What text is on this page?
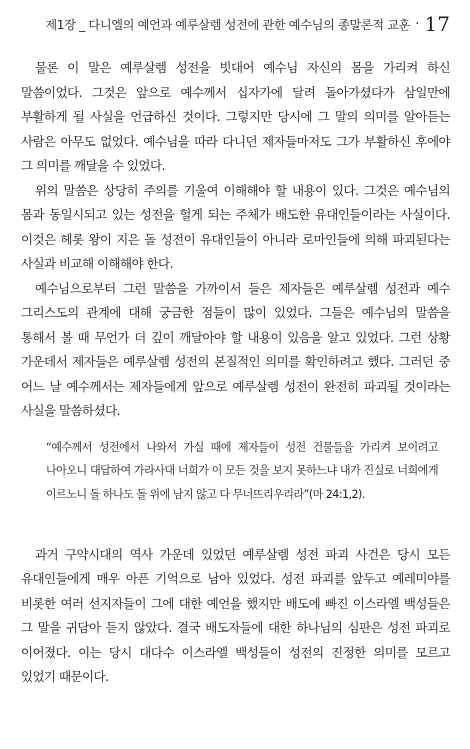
제1장 _ 다니엘의 예언과 예루살렘 성전에 관한 예수님의 종말론적 교훈 · 17

물론 이 말은 예루살렘 성전을 빗대어 예수님 자신의 몸을 가리켜 하신 말씀이었다. 그것은 앞으로 예수께서 십자가에 달려 돌아가셨다가 삼일만에 부활하게 될 사실을 언급하신 것이다. 그렇지만 당시에 그 말의 의미를 알아듣는 사람은 아무도 없었다. 예수님을 따라 다니던 제자들마저도 그가 부활하신 후에야 그 의미를 깨달을 수 있었다.

위의 말씀은 상당히 주의를 기울여 이해해야 할 내용이 있다. 그것은 예수님의 몸과 동일시되고 있는 성전을 헐게 되는 주체가 배도한 유대인들이라는 사실이다. 이것은 헤롯 왕이 지은 돌 성전이 유대인들이 아니라 로마인들에 의해 파괴된다는 사실과 비교해 이해해야 한다.

예수님으로부터 그런 말씀을 가까이서 들은 제자들은 예루살렘 성전과 예수 그리스도의 관계에 대해 궁금한 점들이 많이 있었다. 그들은 예수님의 말씀을 통해서 볼 때 무언가 더 깊이 깨달아야 할 내용이 있음을 알고 있었다. 그런 상황 가운데서 제자들은 예루살렘 성전의 본질적인 의미를 확인하려고 했다. 그러던 중 어느 날 예수께서는 제자들에게 앞으로 예루살렘 성전이 완전히 파괴될 것이라는 사실을 말씀하셨다.

“예수께서 성전에서 나와서 가실 때에 제자들이 성전 건물들을 가리켜 보이려고 나아오니 대답하여 가라사대 너희가 이 모든 것을 보지 못하느냐 내가 진실로 너희에게 이르노니 돌 하나도 돌 위에 남지 않고 다 무너뜨리우리라”(마 24:1,2).

과거 구약시대의 역사 가운데 있었던 예루살렘 성전 파괴 사건은 당시 모든 유대인들에게 매우 아픈 기억으로 남아 있었다. 성전 파괴를 앞두고 예레미야를 비롯한 여러 선지자들이 그에 대한 예언을 했지만 배도에 빠진 이스라엘 백성들은 그 말을 귀담아 듣지 않았다. 결국 배도자들에 대한 하나님의 심판은 성전 파괴로 이어졌다. 이는 당시 대다수 이스라엘 백성들이 성전의 진정한 의미를 모르고 있었기 때문이다.
